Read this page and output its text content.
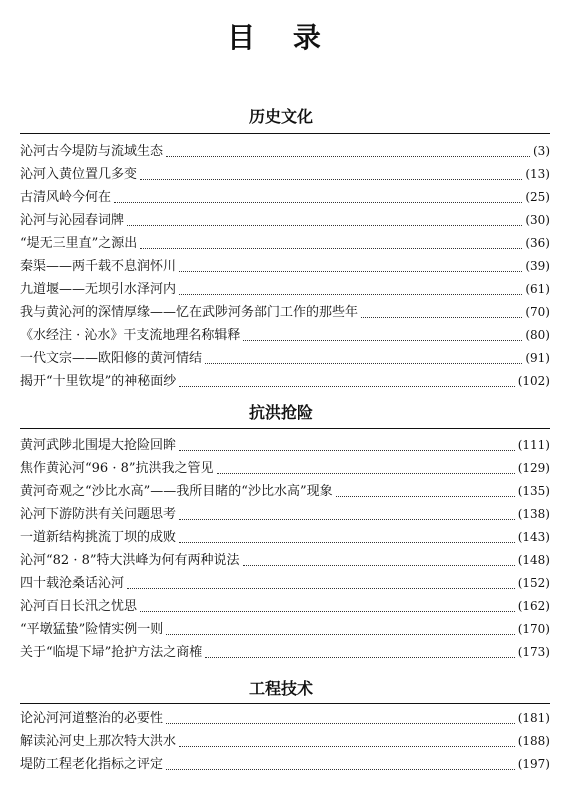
目 录
历史文化
沁河古今堤防与流域生态	(3)
沁河入黄位置几多变	(13)
古清风岭今何在	(25)
沁河与沁园春词牌	(30)
“堤无三里直”之源出	(36)
秦渠——两千载不息润怀川	(39)
九道堰——无坝引水泽河内	(61)
我与黄沁河的深情厚缘——忆在武陟河务部门工作的那些年	(70)
《水经注 · 沁水》干支流地理名称辑释	(80)
一代文宗——欧阳修的黄河情结	(91)
揭开“十里钦堤”的神秘面纱	(102)
抗洪抢险
黄河武陟北围堤大抢险回眸	(111)
焦作黄沁河“96 · 8”抗洪我之管见	(129)
黄河奇观之“沙比水高”——我所目睹的“沙比水高”现象	(135)
沁河下游防洪有关问题思考	(138)
一道新结构挑流丁坝的成败	(143)
沁河“82 · 8”特大洪峰为何有两种说法	(148)
四十载沧桑话沁河	(152)
沁河百日长汛之忧思	(162)
“平墩猛蛰”险情实例一则	(170)
关于“临堤下埽”抢护方法之商榷	(173)
工程技术
论沁河河道整治的必要性	(181)
解读沁河史上那次特大洪水	(188)
堤防工程老化指标之评定	(197)
